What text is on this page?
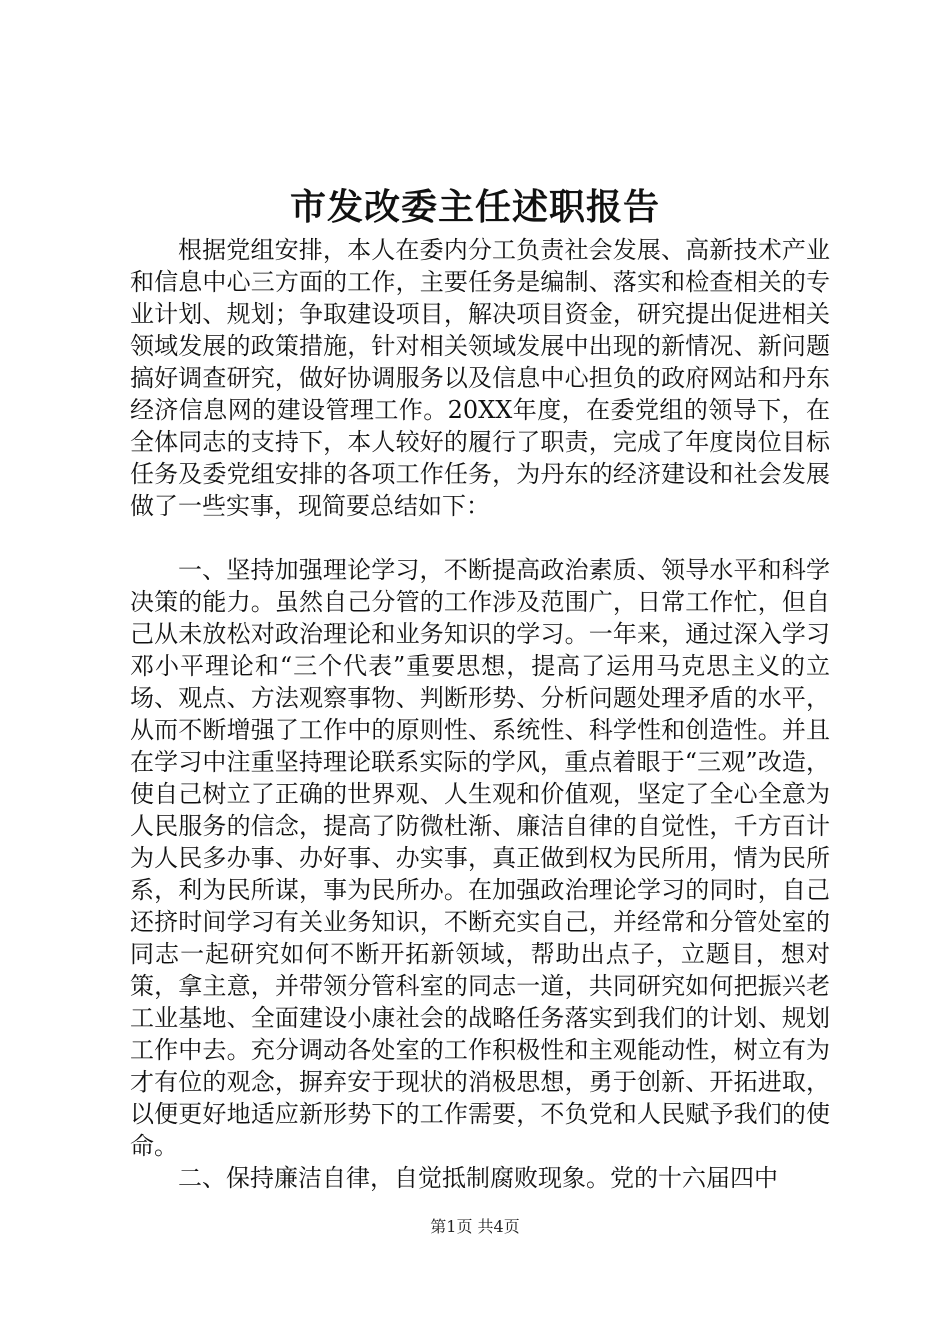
市发改委主任述职报告

根据党组安排，本人在委内分工负责社会发展、高新技术产业和信息中心三方面的工作，主要任务是编制、落实和检查相关的专业计划、规划；争取建设项目，解决项目资金，研究提出促进相关领域发展的政策措施，针对相关领域发展中出现的新情况、新问题搞好调查研究，做好协调服务以及信息中心担负的政府网站和丹东经济信息网的建设管理工作。20XX年度，在委党组的领导下，在全体同志的支持下，本人较好的履行了职责，完成了年度岗位目标任务及委党组安排的各项工作任务，为丹东的经济建设和社会发展做了一些实事，现简要总结如下：

一、坚持加强理论学习，不断提高政治素质、领导水平和科学决策的能力。虽然自己分管的工作涉及范围广，日常工作忙，但自己从未放松对政治理论和业务知识的学习。一年来，通过深入学习邓小平理论和“三个代表”重要思想，提高了运用马克思主义的立场、观点、方法观察事物、判断形势、分析问题处理矛盾的水平，从而不断增强了工作中的原则性、系统性、科学性和创造性。并且在学习中注重坚持理论联系实际的学风，重点着眼于“三观”改造，使自己树立了正确的世界观、人生观和价值观，坚定了全心全意为人民服务的信念，提高了防微杜渐、廉洁自律的自觉性，千方百计为人民多办事、办好事、办实事，真正做到权为民所用，情为民所系，利为民所谋，事为民所办。在加强政治理论学习的同时，自己还挤时间学习有关业务知识，不断充实自己，并经常和分管处室的同志一起研究如何不断开拓新领域，帮助出点子，立题目，想对策，拿主意，并带领分管科室的同志一道，共同研究如何把振兴老工业基地、全面建设小康社会的战略任务落实到我们的计划、规划工作中去。充分调动各处室的工作积极性和主观能动性，树立有为才有位的观念，摒弃安于现状的消极思想，勇于创新、开拓进取，以便更好地适应新形势下的工作需要，不负党和人民赋予我们的使命。

二、保持廉洁自律，自觉抵制腐败现象。党的十六届四中

第1页 共4页
